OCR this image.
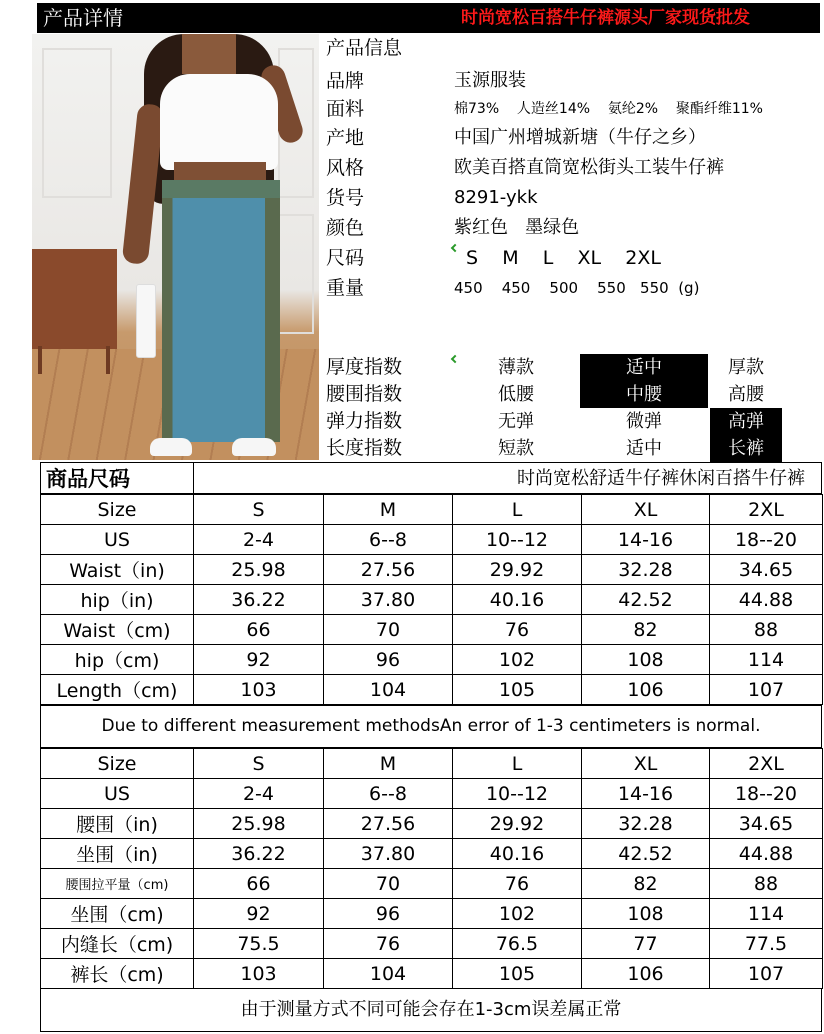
产品详情	时尚宽松百搭牛仔裤源头厂家现货批发
产品信息
品牌	玉源服装
面料	棉73%    人造丝14%    氨纶2%    聚酯纤维11%
产地	中国广州增城新塘（牛仔之乡）
风格	欧美百搭直筒宽松街头工装牛仔裤
货号	8291-ykk
颜色	紫红色   墨绿色
尺码	S    M    L    XL    2XL
重量	450    450    500    550   550  (g)
厚度指数	薄款	适中	厚款
腰围指数	低腰	中腰	高腰
弹力指数	无弹	微弹	高弹
长度指数	短款	适中	长裤
商品尺码	时尚宽松舒适牛仔裤休闲百搭牛仔裤
Size	S	M	L	XL	2XL
US	2-4	6--8	10--12	14-16	18--20
Waist（in)	25.98	27.56	29.92	32.28	34.65
hip（in)	36.22	37.80	40.16	42.52	44.88
Waist（cm)	66	70	76	82	88
hip（cm)	92	96	102	108	114
Length（cm)	103	104	105	106	107
Due to different measurement methodsAn error of 1-3 centimeters is normal.
Size	S	M	L	XL	2XL
US	2-4	6--8	10--12	14-16	18--20
腰围（in)	25.98	27.56	29.92	32.28	34.65
坐围（in)	36.22	37.80	40.16	42.52	44.88
腰围拉平量（cm)	66	70	76	82	88
坐围（cm)	92	96	102	108	114
内缝长（cm)	75.5	76	76.5	77	77.5
裤长（cm)	103	104	105	106	107
由于测量方式不同可能会存在1-3cm误差属正常
